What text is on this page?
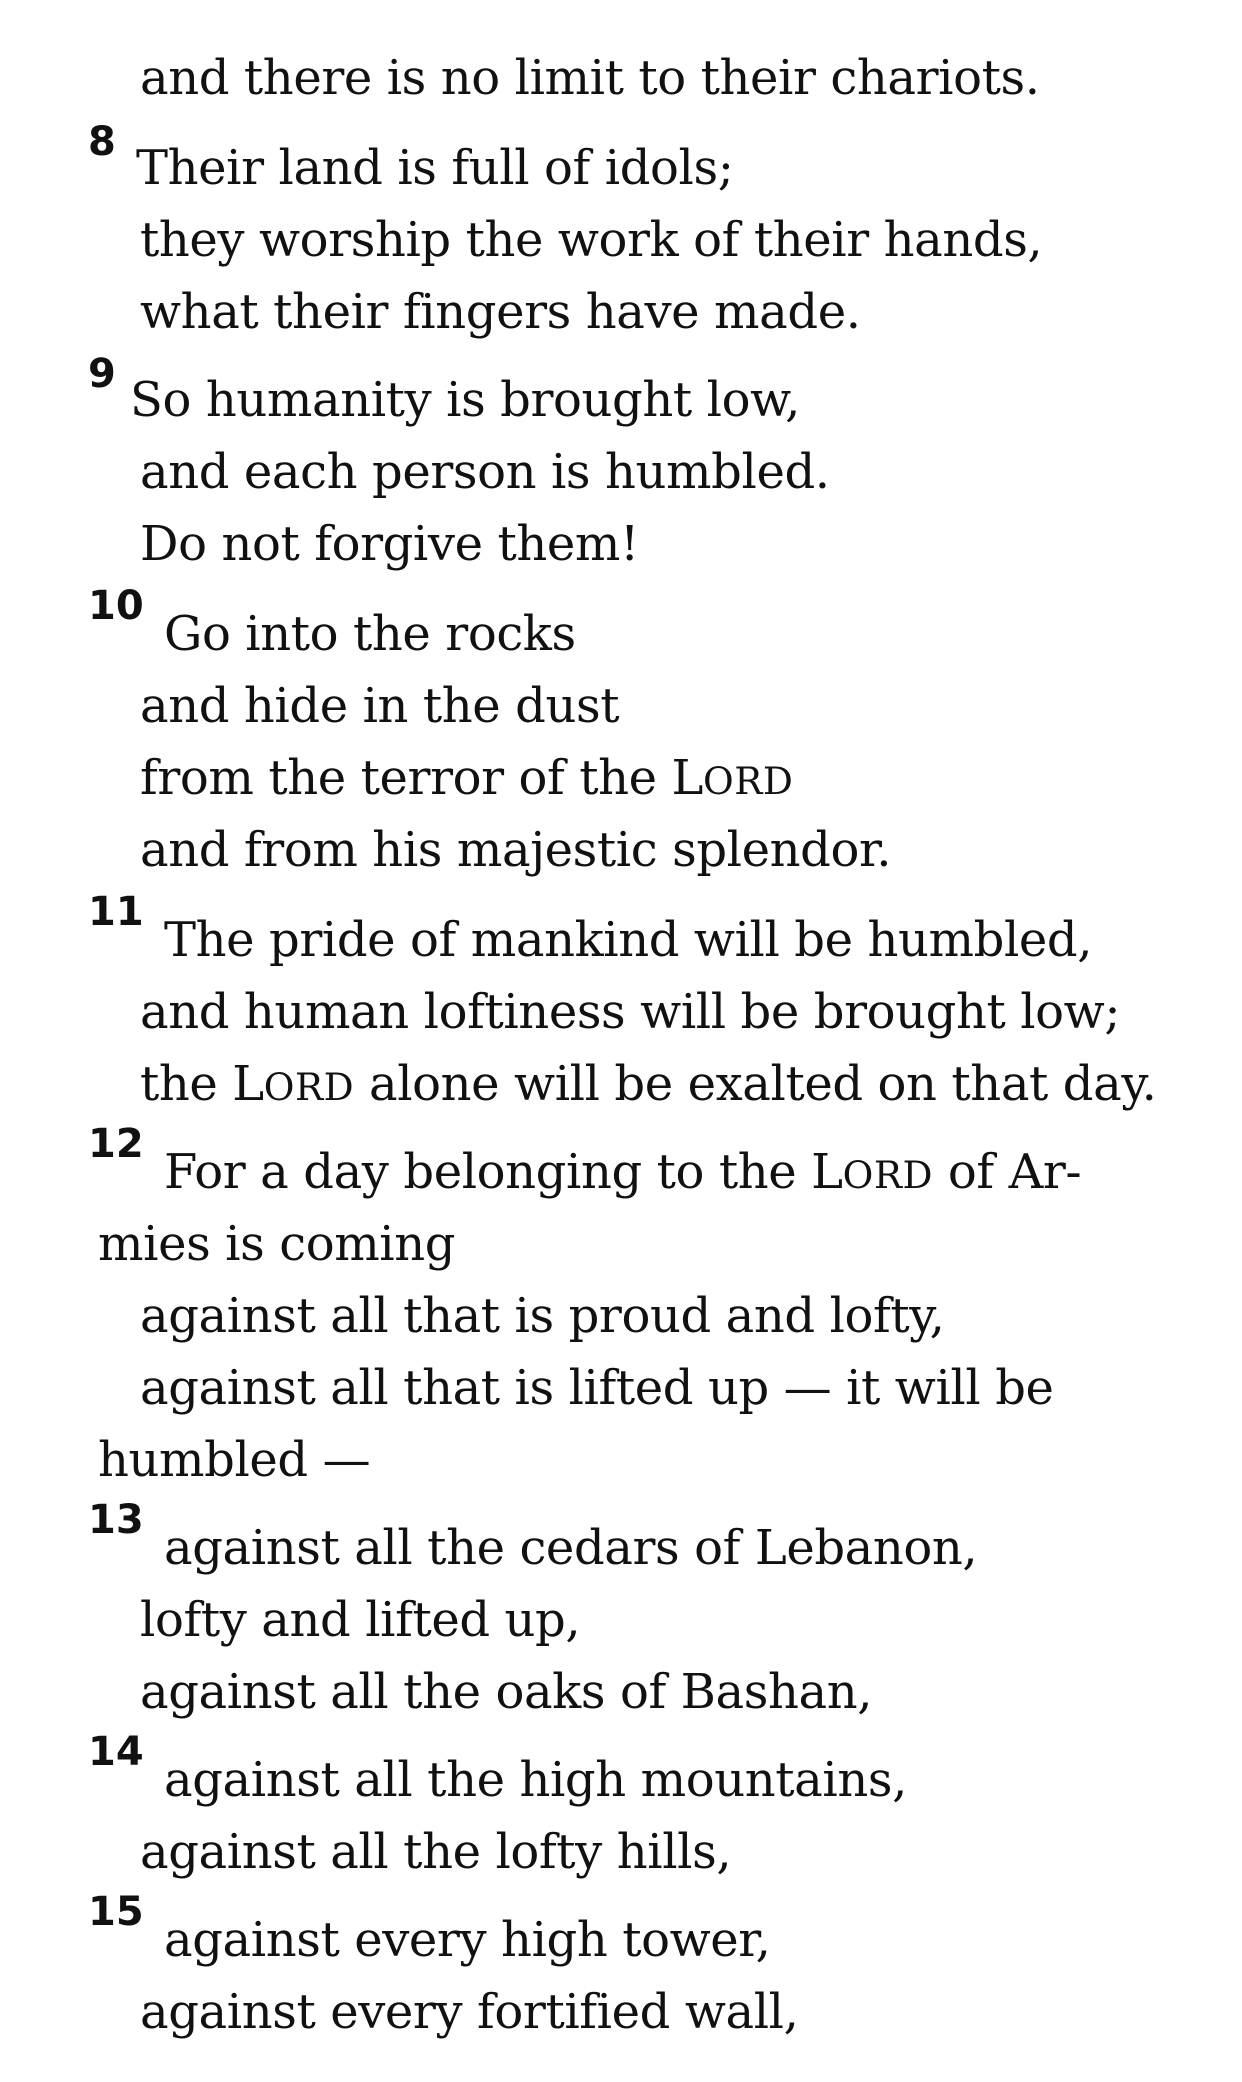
and there is no limit to their chariots.
8 Their land is full of idols;
they worship the work of their hands,
what their fingers have made.
9 So humanity is brought low,
and each person is humbled.
Do not forgive them!
10 Go into the rocks
and hide in the dust
from the terror of the LORD
and from his majestic splendor.
11 The pride of mankind will be humbled,
and human loftiness will be brought low;
the LORD alone will be exalted on that day.
12 For a day belonging to the LORD of Ar-
mies is coming
against all that is proud and lofty,
against all that is lifted up — it will be
humbled —
13 against all the cedars of Lebanon,
lofty and lifted up,
against all the oaks of Bashan,
14 against all the high mountains,
against all the lofty hills,
15 against every high tower,
against every fortified wall,
